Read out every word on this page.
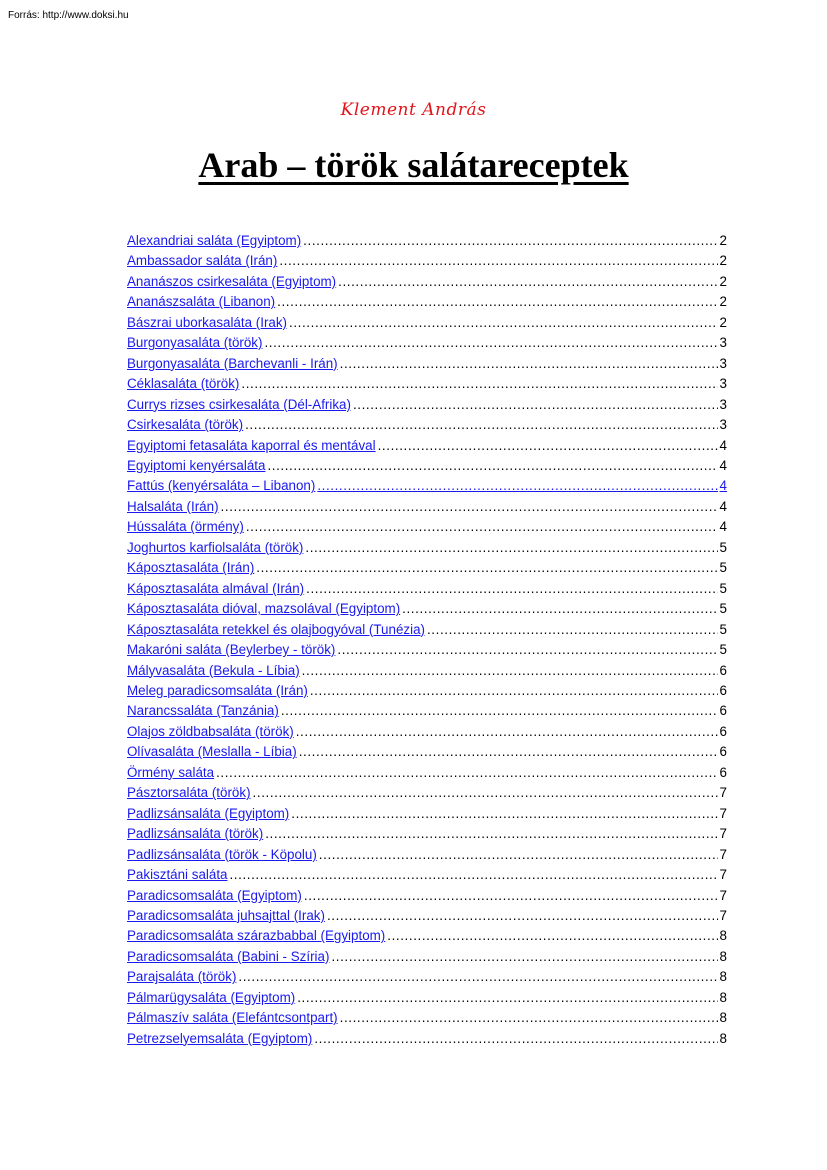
Forrás: http://www.doksi.hu
Klement András
Arab – török salátareceptek
Alexandriai saláta (Egyiptom) .....	2
Ambassador saláta (Irán) .....	2
Ananászos csirkesaláta (Egyiptom) .....	2
Ananászsaláta (Libanon) .....	2
Bászrai uborkasaláta (Irak) .....	2
Burgonyasaláta (török) .....	3
Burgonyasaláta (Barchevanli - Irán) .....	3
Céklasaláta (török) .....	3
Currys rizses csirkesaláta (Dél-Afrika) .....	3
Csirkesaláta (török) .....	3
Egyiptomi fetasaláta kaporral és mentával .....	4
Egyiptomi kenyérsaláta .....	4
Fattús (kenyérsaláta – Libanon) .....	4
Halsaláta (Irán) .....	4
Hússaláta (örmény) .....	4
Joghurtos karfiolsaláta (török) .....	5
Káposztasaláta (Irán) .....	5
Káposztasaláta almával (Irán) .....	5
Káposztasaláta dióval, mazsolával (Egyiptom) .....	5
Káposztasaláta retekkel és olajbogyóval (Tunézia) .....	5
Makaróni saláta (Beylerbey - török) .....	5
Mályvasaláta (Bekula - Líbia) .....	6
Meleg paradicsomsaláta (Irán) .....	6
Narancssaláta (Tanzánia) .....	6
Olajos zöldbabsaláta (török) .....	6
Olívasaláta (Meslalla - Líbia) .....	6
Örmény saláta .....	6
Pásztorsaláta (török) .....	7
Padlizsánsaláta (Egyiptom) .....	7
Padlizsánsaláta (török) .....	7
Padlizsánsaláta (török - Köpolu) .....	7
Pakisztáni saláta .....	7
Paradicsomsaláta (Egyiptom) .....	7
Paradicsomsaláta juhsajttal (Irak) .....	7
Paradicsomsaláta szárazbabbal (Egyiptom) .....	8
Paradicsomsaláta (Babini - Szíria) .....	8
Parajsaláta (török) .....	8
Pálmarügysaláta (Egyiptom) .....	8
Pálmaszív saláta (Elefántcsontpart) .....	8
Petrezselyemsaláta (Egyiptom) .....	8
